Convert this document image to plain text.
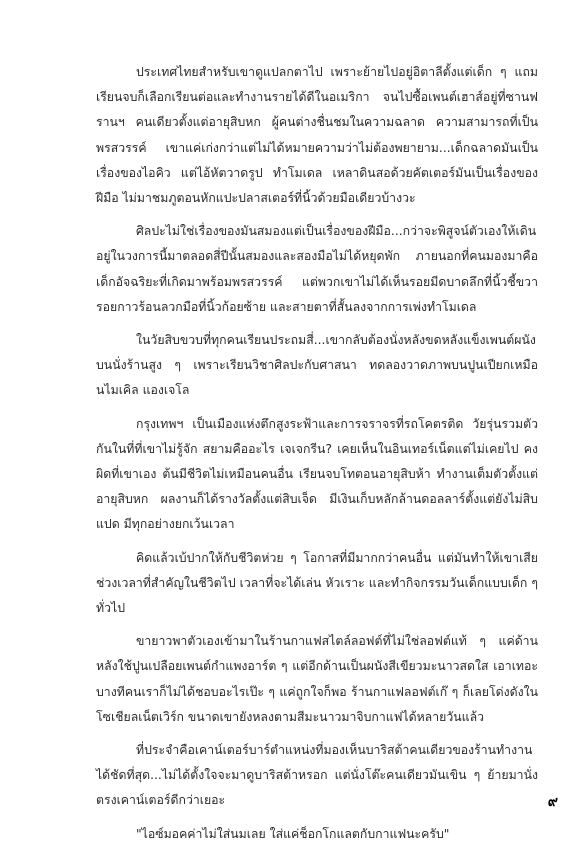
ประเทศไทยสำหรับเขาดูแปลกตาไป เพราะย้ายไปอยู่อิตาลีตั้งแต่เด็ก ๆ แถมเรียนจบก็เลือกเรียนต่อและทำงานรายได้ดีในอเมริกา จนไปซื้อเพนต์เฮาส์อยู่ที่ซานฟรานฯ คนเดียวตั้งแต่อายุสิบหก ผู้คนต่างชื่นชมในความฉลาด ความสามารถที่เป็นพรสวรรค์ เขาแค่เก่งกว่าแต่ไม่ได้หมายความว่าไม่ต้องพยายาม...เด็กฉลาดมันเป็นเรื่องของไอคิว แต่ไอ้หัตวาดรูป ทำโมเดล เหลาดินสอด้วยคัตเตอร์มันเป็นเรื่องของฝีมือ ไม่มาชมภูตอนหักแปะปลาสเตอร์ที่นิ้วด้วยมือเดียวบ้างวะ

ศิลปะไม่ใช่เรื่องของมันสมองแต่เป็นเรื่องของฝีมือ...กว่าจะพิสูจน์ตัวเองให้เดินอยู่ในวงการนี้มาตลอดสี่ปีนั้นสมองและสองมือไม่ได้หยุดพัก ภายนอกที่คนมองมาคือเด็กอัจฉริยะที่เกิดมาพร้อมพรสวรรค์ แต่พวกเขาไม่ได้เห็นรอยมีดบาดลึกที่นิ้วชี้ขวา รอยกาวร้อนลวกมือที่นิ้วก้อยซ้าย และสายตาที่สั้นลงจากการเพ่งทำโมเดล

ในวัยสิบขวบที่ทุกคนเรียนประถมสี่...เขากลับต้องนั่งหลังขดหลังแข็งเพนต์ผนังบนนั่งร้านสูง ๆ เพราะเรียนวิชาศิลปะกับศาสนา ทดลองวาดภาพบนปูนเปียกเหมือนไมเคิล แองเจโล

กรุงเทพฯ เป็นเมืองแห่งตึกสูงระฟ้าและการจราจรที่รถโคตรติด วัยรุ่นรวมตัวกันในที่ที่เขาไม่รู้จัก สยามคืออะไร เจเจกรีน? เคยเห็นในอินเทอร์เน็ตแต่ไม่เคยไป คงผิดที่เขาเอง ต้นมีชีวิตไม่เหมือนคนอื่น เรียนจบโทตอนอายุสิบห้า ทำงานเต็มตัวตั้งแต่อายุสิบหก ผลงานก็ได้รางวัลตั้งแต่สิบเจ็ด มีเงินเก็บหลักล้านดอลลาร์ตั้งแต่ยังไม่สิบแปด มีทุกอย่างยกเว้นเวลา

คิดแล้วเบ้ปากให้กับชีวิตห่วย ๆ โอกาสที่มีมากกว่าคนอื่น แต่มันทำให้เขาเสียช่วงเวลาที่สำคัญในชีวิตไป เวลาที่จะได้เล่น หัวเราะ และทำกิจกรรมวันเด็กแบบเด็ก ๆ ทั่วไป

ขายาวพาตัวเองเข้ามาในร้านกาแฟสไตล์ลอฟต์ที่ไม่ใช่ลอฟต์แท้ ๆ แค่ด้านหลังใช้ปูนเปลือยเพนต์กำแพงอาร์ต ๆ แต่อีกด้านเป็นผนังสีเขียวมะนาวสดใส เอาเทอะบางทีคนเราก็ไม่ได้ชอบอะไรเป๊ะ ๆ แค่ถูกใจก็พอ ร้านกาแฟลอฟต์เก๊ ๆ ก็เลยโด่งดังในโซเชียลเน็ตเวิร์ก ขนาดเขายังหลงตามสีมะนาวมาจิบกาแฟได้หลายวันแล้ว

ที่ประจำคือเคาน์เตอร์บาร์ตำแหน่งที่มองเห็นบาริสต้าคนเดียวของร้านทำงานได้ชัดที่สุด...ไม่ได้ตั้งใจจะมาดูบาริสต้าหรอก แต่นั่งโต๊ะคนเดียวมันเขิน ๆ ย้ายมานั่งตรงเคาน์เตอร์ดีกว่าเยอะ

"ไอซ์มอคค่าไม่ใส่นมเลย ใส่แค่ช็อกโกแลตกับกาแฟนะครับ"

๙
